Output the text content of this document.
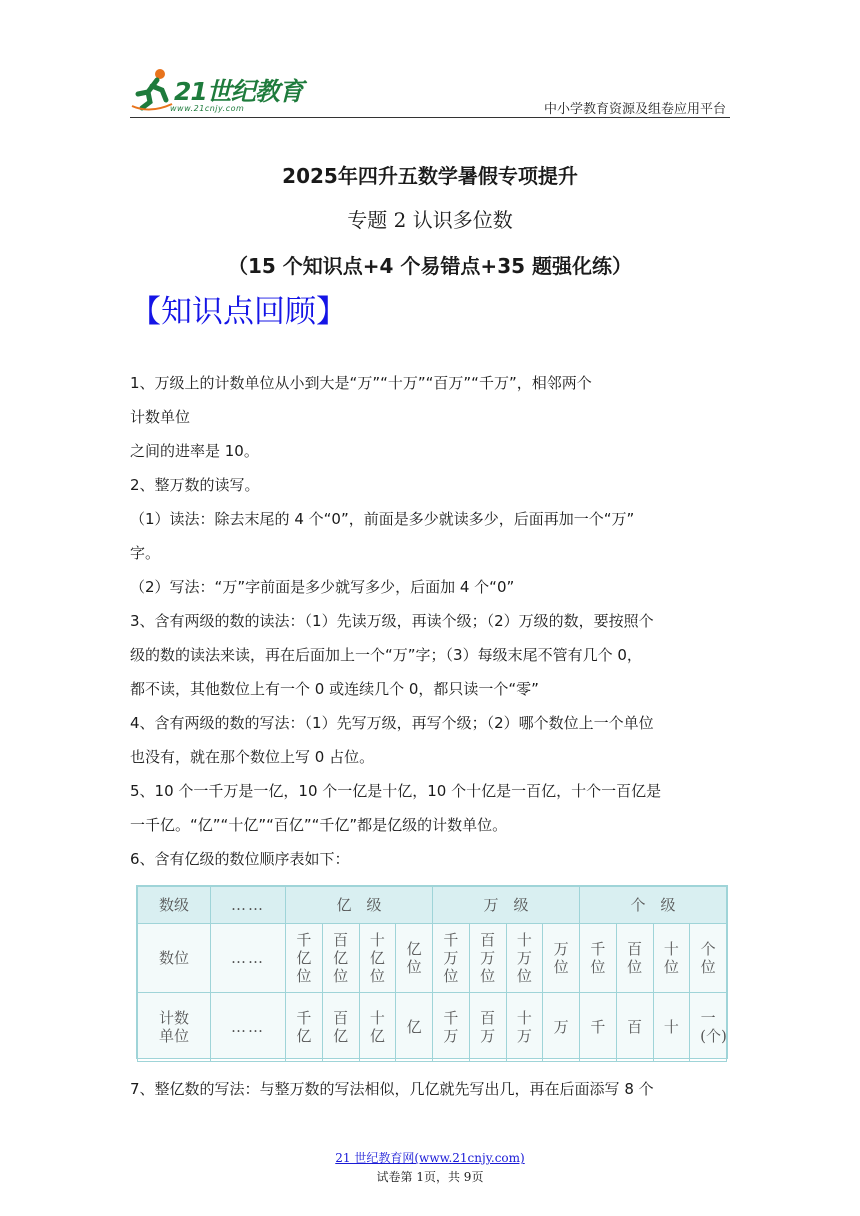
21世纪教育
www.21cnjy.com	中小学教育资源及组卷应用平台
2025年四升五数学暑假专项提升
专题 2 认识多位数
（15 个知识点+4 个易错点+35 题强化练）
【知识点回顾】

1、万级上的计数单位从小到大是“万”“十万”“百万”“千万”，相邻两个

计数单位

之间的进率是 10。

2、整万数的读写。

（1）读法：除去末尾的 4 个“0”，前面是多少就读多少，后面再加一个“万”

字。

（2）写法：“万”字前面是多少就写多少，后面加 4 个“0”

3、含有两级的数的读法：（1）先读万级，再读个级；（2）万级的数，要按照个

级的数的读法来读，再在后面加上一个“万”字；（3）每级末尾不管有几个 0，

都不读，其他数位上有一个 0 或连续几个 0，都只读一个“零”

4、含有两级的数的写法：（1）先写万级，再写个级；（2）哪个数位上一个单位

也没有，就在那个数位上写 0 占位。

5、10 个一千万是一亿，10 个一亿是十亿，10 个十亿是一百亿，十个一百亿是

一千亿。“亿”“十亿”“百亿”“千亿”都是亿级的计数单位。

6、含有亿级的数位顺序表如下：

数级	……	亿　级				万　级				个　级			
数位	……	千亿位	百亿位	十亿位	亿位	千万位	百万位	十万位	万位	千位	百位	十位	个位
计数单位	……	千亿	百亿	十亿	亿	千万	百万	十万	万	千	百	十	一(个)
7、整亿数的写法：与整万数的写法相似，几亿就先写出几，再在后面添写 8 个
21 世纪教育网(www.21cnjy.com)
试卷第 1页，共 9页
